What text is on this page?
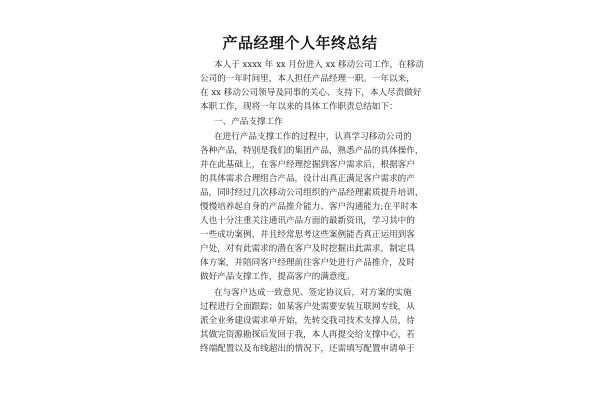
产品经理个人年终总结
本人于 xxxx 年 xx 月份进入 xx 移动公司工作，在移动
公司的一年时间里，本人担任产品经理一职。一年以来，
在 xx 移动公司领导及同事的关心、支持下，本人尽责做好
本职工作，现将一年以来的具体工作职责总结如下：
一、产品支撑工作
在进行产品支撑工作的过程中，认真学习移动公司的
各种产品，特别是我们的集团产品，熟悉产品的具体操作，
并在此基础上，在客户经理挖掘到客户需求后，根据客户
的具体需求合理组合产品，设计出真正满足客户需求的产
品，同时经过几次移动公司组织的产品经理素质提升培训，
慢慢培养起自身的产品推介能力、客户沟通能力;在平时本
人也十分注重关注通讯产品方面的最新资讯，学习其中的
一些成功案例，并且经常思考这些案例能否真正运用到客
户处，对有此需求的潜在客户及时挖掘出此需求，制定具
体方案，并陪同客户经理前往客户处进行产品推介，及时
做好产品支撑工作，提高客户的满意度。
在与客户达成一致意见、签定协议后，对方案的实施
过程进行全面跟踪；如某客户处需要安装互联网专线，从
派全业务建设需求单开始，先转交我司技术支撑人员，待
其做完资源勘探后发回于我，本人再提交给支撑中心，若
终端配置以及布线超出的情况下，还需填写配置申请单于
